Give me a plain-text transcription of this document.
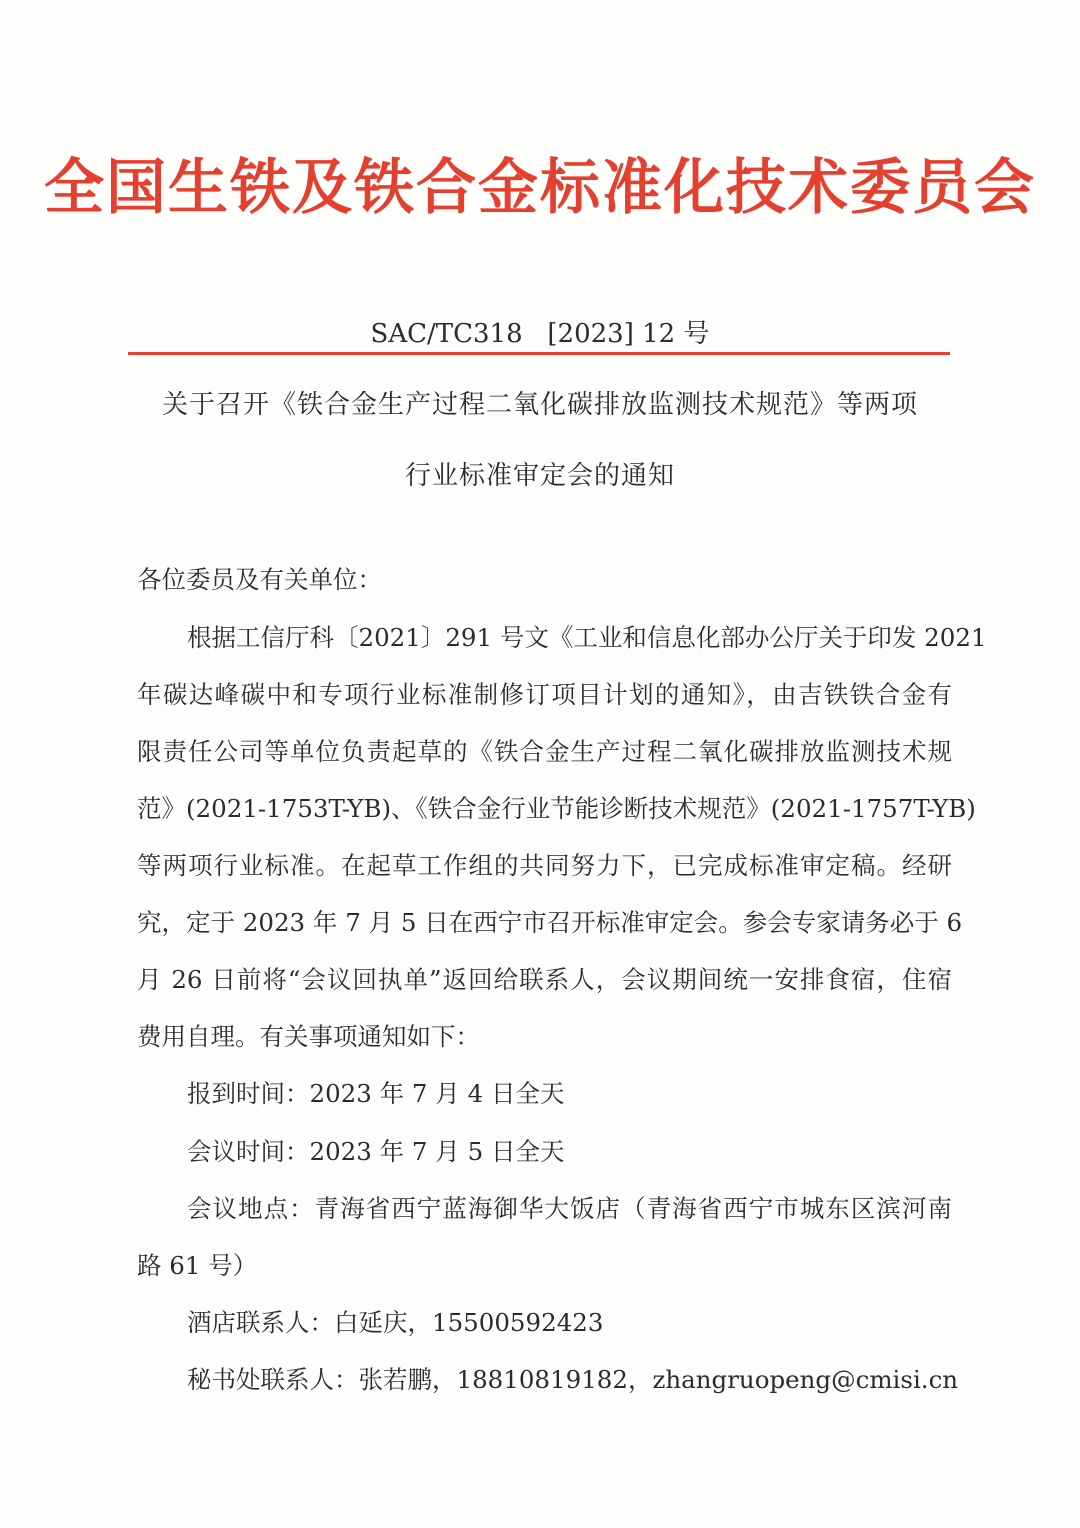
全国生铁及铁合金标准化技术委员会
SAC/TC318   [2023] 12 号
关于召开《铁合金生产过程二氧化碳排放监测技术规范》等两项
行业标准审定会的通知
各位委员及有关单位：
根据工信厅科〔2021〕291 号文《工业和信息化部办公厅关于印发 2021
年碳达峰碳中和专项行业标准制修订项目计划的通知》，由吉铁铁合金有
限责任公司等单位负责起草的《铁合金生产过程二氧化碳排放监测技术规
范》(2021-1753T-YB)、《铁合金行业节能诊断技术规范》(2021-1757T-YB)
等两项行业标准。在起草工作组的共同努力下，已完成标准审定稿。经研
究，定于 2023 年 7 月 5 日在西宁市召开标准审定会。参会专家请务必于 6
月 26 日前将“会议回执单”返回给联系人，会议期间统一安排食宿，住宿
费用自理。有关事项通知如下：
报到时间：2023 年 7 月 4 日全天
会议时间：2023 年 7 月 5 日全天
会议地点：青海省西宁蓝海御华大饭店（青海省西宁市城东区滨河南
路 61 号）
酒店联系人：白延庆，15500592423
秘书处联系人：张若鹏，18810819182，zhangruopeng@cmisi.cn
